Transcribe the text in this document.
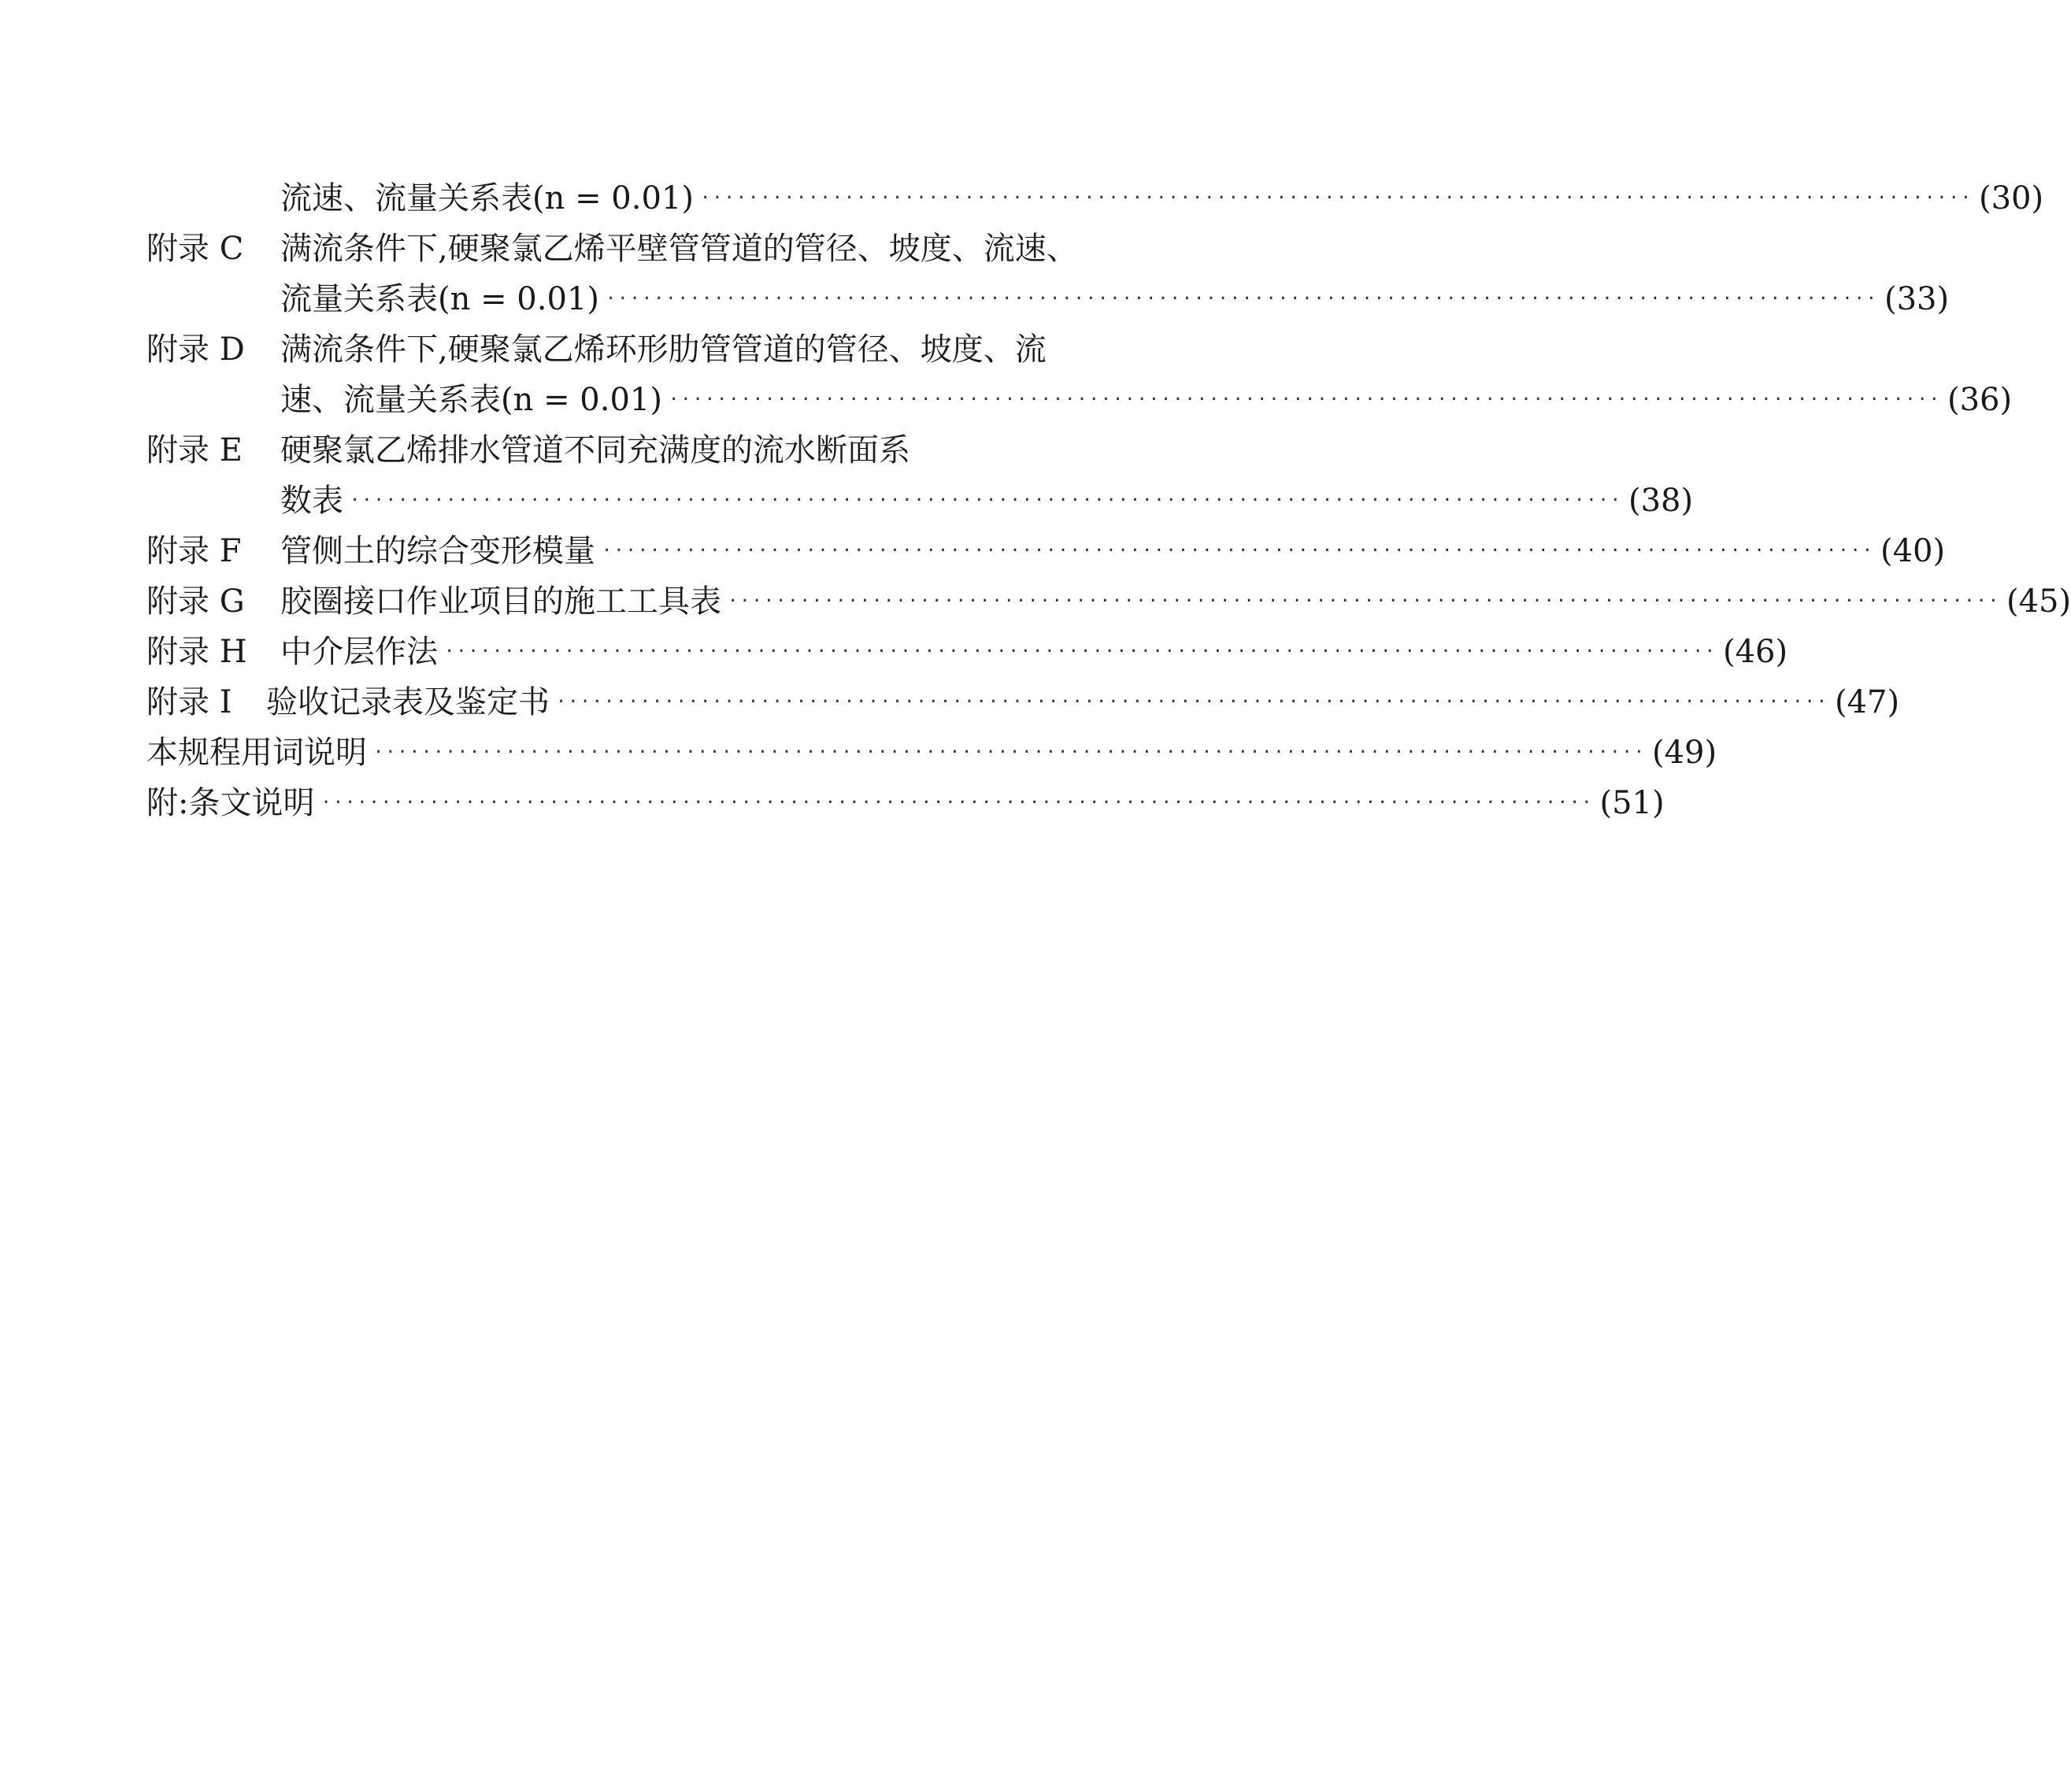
流速、流量关系表(n = 0.01) ·········································································································· (30)
附录 C	满流条件下,硬聚氯乙烯平壁管管道的管径、坡度、流速、
流量关系表(n = 0.01) ·········································································································· (33)
附录 D	满流条件下,硬聚氯乙烯环形肋管管道的管径、坡度、流
速、流量关系表(n = 0.01) ·········································································································· (36)
附录 E	硬聚氯乙烯排水管道不同充满度的流水断面系
数表 ·········································································································· (38)
附录 F	管侧土的综合变形模量 ·········································································································· (40)
附录 G	胶圈接口作业项目的施工工具表 ·········································································································· (45)
附录 H	中介层作法 ·········································································································· (46)
附录 I	验收记录表及鉴定书 ·········································································································· (47)
本规程用词说明 ·········································································································· (49)
附:条文说明 ·········································································································· (51)
